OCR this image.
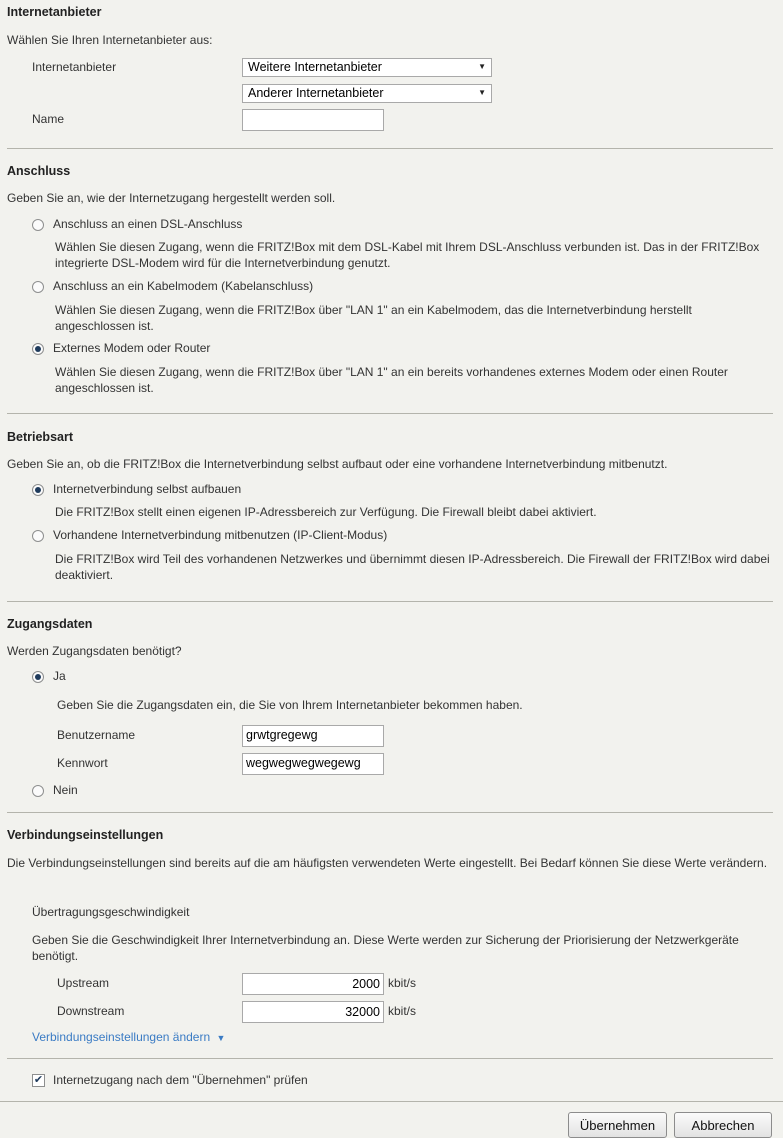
Internetanbieter
Wählen Sie Ihren Internetanbieter aus:
Internetanbieter	Weitere Internetanbieter	▼
Anderer Internetanbieter	▼
Name
Anschluss
Geben Sie an, wie der Internetzugang hergestellt werden soll.
Anschluss an einen DSL-Anschluss
Wählen Sie diesen Zugang, wenn die FRITZ!Box mit dem DSL-Kabel mit Ihrem DSL-Anschluss verbunden ist. Das in der FRITZ!Box integrierte DSL-Modem wird für die Internetverbindung genutzt.
Anschluss an ein Kabelmodem (Kabelanschluss)
Wählen Sie diesen Zugang, wenn die FRITZ!Box über "LAN 1" an ein Kabelmodem, das die Internetverbindung herstellt angeschlossen ist.
Externes Modem oder Router
Wählen Sie diesen Zugang, wenn die FRITZ!Box über "LAN 1" an ein bereits vorhandenes externes Modem oder einen Router angeschlossen ist.
Betriebsart
Geben Sie an, ob die FRITZ!Box die Internetverbindung selbst aufbaut oder eine vorhandene Internetverbindung mitbenutzt.
Internetverbindung selbst aufbauen
Die FRITZ!Box stellt einen eigenen IP-Adressbereich zur Verfügung. Die Firewall bleibt dabei aktiviert.
Vorhandene Internetverbindung mitbenutzen (IP-Client-Modus)
Die FRITZ!Box wird Teil des vorhandenen Netzwerkes und übernimmt diesen IP-Adressbereich. Die Firewall der FRITZ!Box wird dabei deaktiviert.
Zugangsdaten
Werden Zugangsdaten benötigt?
Ja
Geben Sie die Zugangsdaten ein, die Sie von Ihrem Internetanbieter bekommen haben.
Benutzername	grwtgregewg
Kennwort	wegwegwegwegewg
Nein
Verbindungseinstellungen
Die Verbindungseinstellungen sind bereits auf die am häufigsten verwendeten Werte eingestellt. Bei Bedarf können Sie diese Werte verändern.
Übertragungsgeschwindigkeit
Geben Sie die Geschwindigkeit Ihrer Internetverbindung an. Diese Werte werden zur Sicherung der Priorisierung der Netzwerkgeräte benötigt.
Upstream	2000 kbit/s
Downstream	32000 kbit/s
Verbindungseinstellungen ändern ▼
✔ Internetzugang nach dem "Übernehmen" prüfen
Übernehmen	Abbrechen
